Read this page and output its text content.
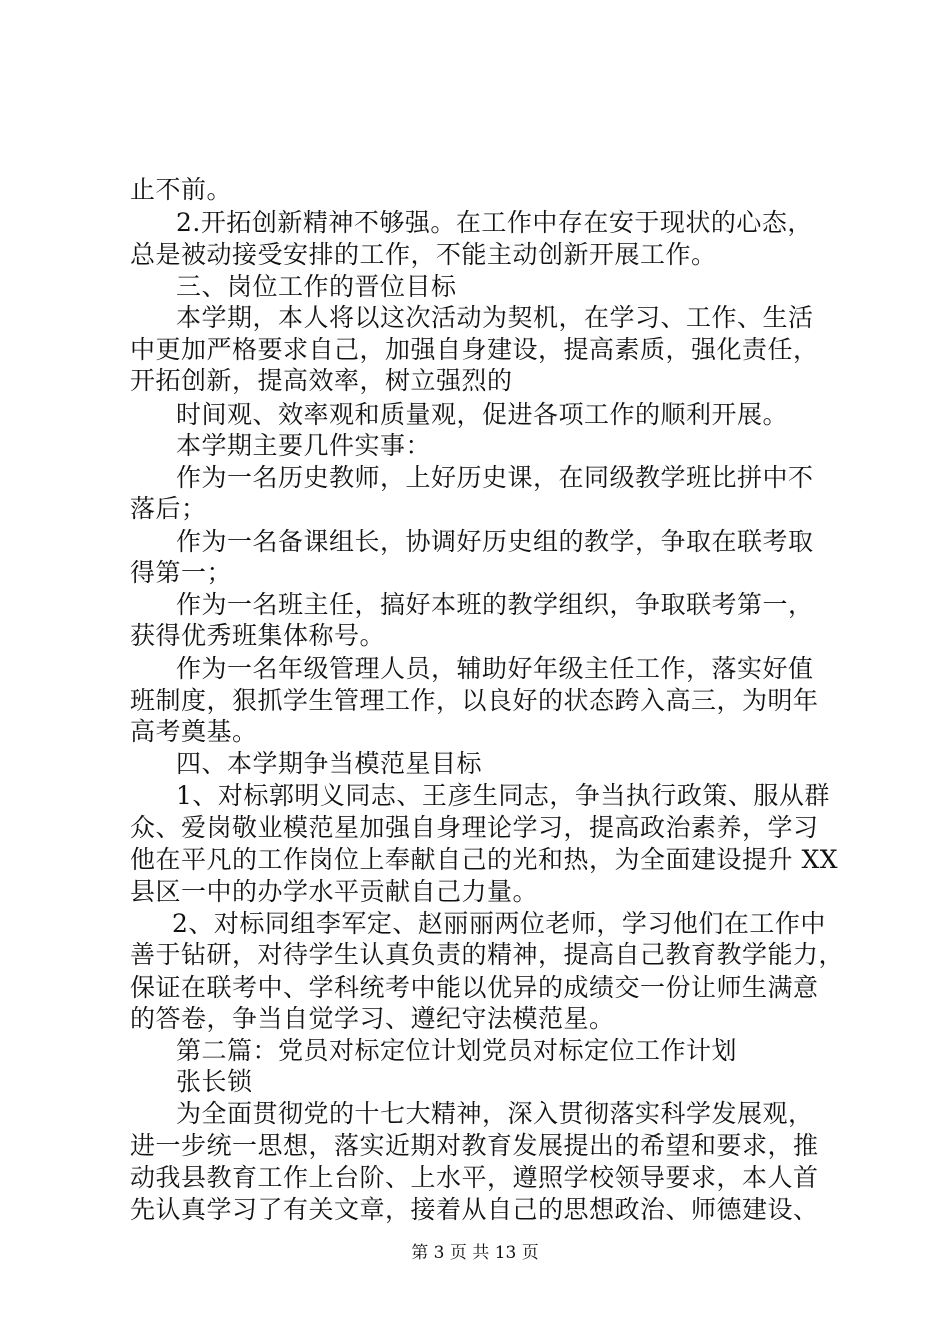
止不前。
2.开拓创新精神不够强。在工作中存在安于现状的心态，
总是被动接受安排的工作，不能主动创新开展工作。
三、岗位工作的晋位目标
本学期，本人将以这次活动为契机，在学习、工作、生活
中更加严格要求自己，加强自身建设，提高素质，强化责任，
开拓创新，提高效率，树立强烈的
时间观、效率观和质量观，促进各项工作的顺利开展。
本学期主要几件实事：
作为一名历史教师，上好历史课，在同级教学班比拼中不
落后；
作为一名备课组长，协调好历史组的教学，争取在联考取
得第一；
作为一名班主任，搞好本班的教学组织，争取联考第一，
获得优秀班集体称号。
作为一名年级管理人员，辅助好年级主任工作，落实好值
班制度，狠抓学生管理工作，以良好的状态跨入高三，为明年
高考奠基。
四、本学期争当模范星目标
1、对标郭明义同志、王彦生同志，争当执行政策、服从群
众、爱岗敬业模范星加强自身理论学习，提高政治素养，学习
他在平凡的工作岗位上奉献自己的光和热，为全面建设提升 XX
县区一中的办学水平贡献自己力量。
2、对标同组李军定、赵丽丽两位老师，学习他们在工作中
善于钻研，对待学生认真负责的精神，提高自己教育教学能力，
保证在联考中、学科统考中能以优异的成绩交一份让师生满意
的答卷，争当自觉学习、遵纪守法模范星。
第二篇：党员对标定位计划党员对标定位工作计划
张长锁
为全面贯彻党的十七大精神，深入贯彻落实科学发展观，
进一步统一思想，落实近期对教育发展提出的希望和要求，推
动我县教育工作上台阶、上水平，遵照学校领导要求，本人首
先认真学习了有关文章，接着从自己的思想政治、师德建设、
第 3 页 共 13 页
